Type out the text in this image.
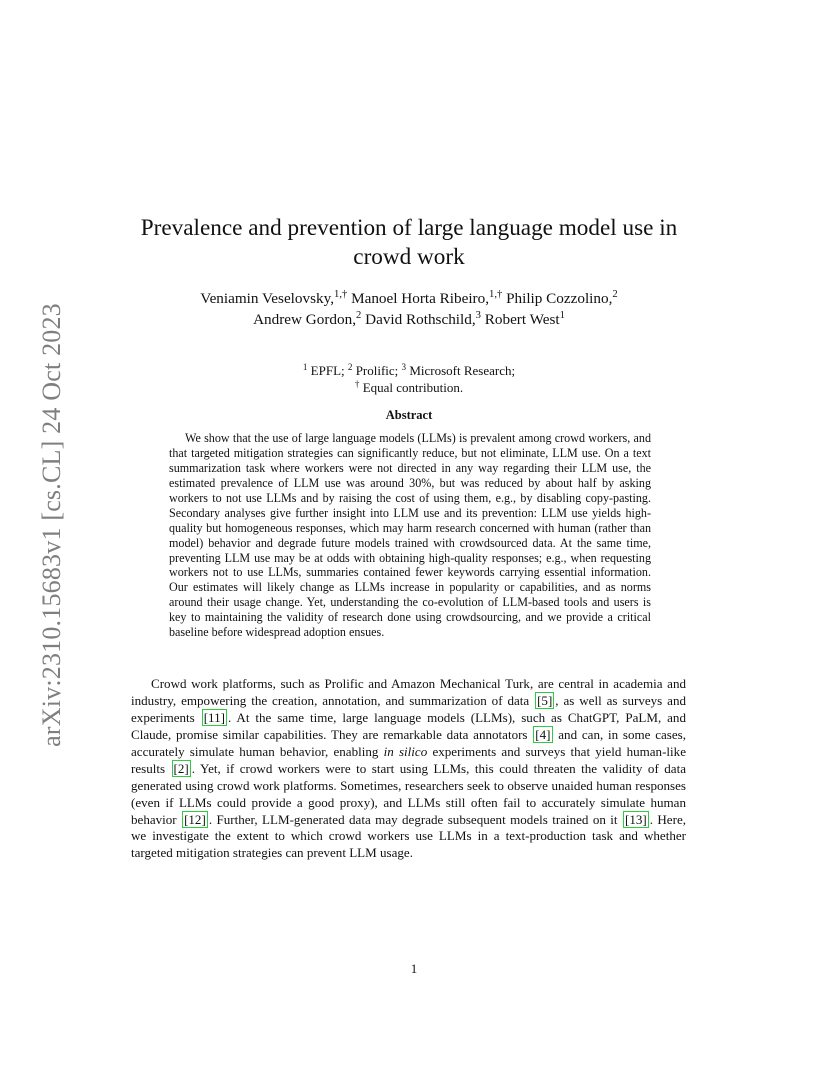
arXiv:2310.15683v1 [cs.CL] 24 Oct 2023
Prevalence and prevention of large language model use in crowd work
Veniamin Veselovsky,$^{1,\dagger}$ Manoel Horta Ribeiro,$^{1,\dagger}$ Philip Cozzolino,$^2$
Andrew Gordon,$^2$ David Rothschild,$^3$ Robert West$^1$
$^1$ EPFL; $^2$ Prolific; $^3$ Microsoft Research;
† Equal contribution.
Abstract

We show that the use of large language models (LLMs) is prevalent among crowd workers, and that targeted mitigation strategies can significantly reduce, but not eliminate, LLM use. On a text summarization task where workers were not directed in any way regarding their LLM use, the estimated prevalence of LLM use was around 30%, but was reduced by about half by asking workers to not use LLMs and by raising the cost of using them, e.g., by disabling copy-pasting. Secondary analyses give further insight into LLM use and its prevention: LLM use yields high-quality but homogeneous responses, which may harm research concerned with human (rather than model) behavior and degrade future models trained with crowdsourced data. At the same time, preventing LLM use may be at odds with obtaining high-quality responses; e.g., when requesting workers not to use LLMs, summaries contained fewer keywords carrying essential information. Our estimates will likely change as LLMs increase in popularity or capabilities, and as norms around their usage change. Yet, understanding the co-evolution of LLM-based tools and users is key to maintaining the validity of research done using crowdsourcing, and we provide a critical baseline before widespread adoption ensues.

Crowd work platforms, such as Prolific and Amazon Mechanical Turk, are central in academia and industry, empowering the creation, annotation, and summarization of data [5] , as well as surveys and experiments [11] . At the same time, large language models (LLMs), such as ChatGPT, PaLM, and Claude, promise similar capabilities. They are remarkable data annotators [4] and can, in some cases, accurately simulate human behavior, enabling in silico experiments and surveys that yield human-like results [2] . Yet, if crowd workers were to start using LLMs, this could threaten the validity of data generated using crowd work platforms. Sometimes, researchers seek to observe unaided human responses (even if LLMs could provide a good proxy), and LLMs still often fail to accurately simulate human behavior [12] . Further, LLM-generated data may degrade subsequent models trained on it [13] . Here, we investigate the extent to which crowd workers use LLMs in a text-production task and whether targeted mitigation strategies can prevent LLM usage.

1
